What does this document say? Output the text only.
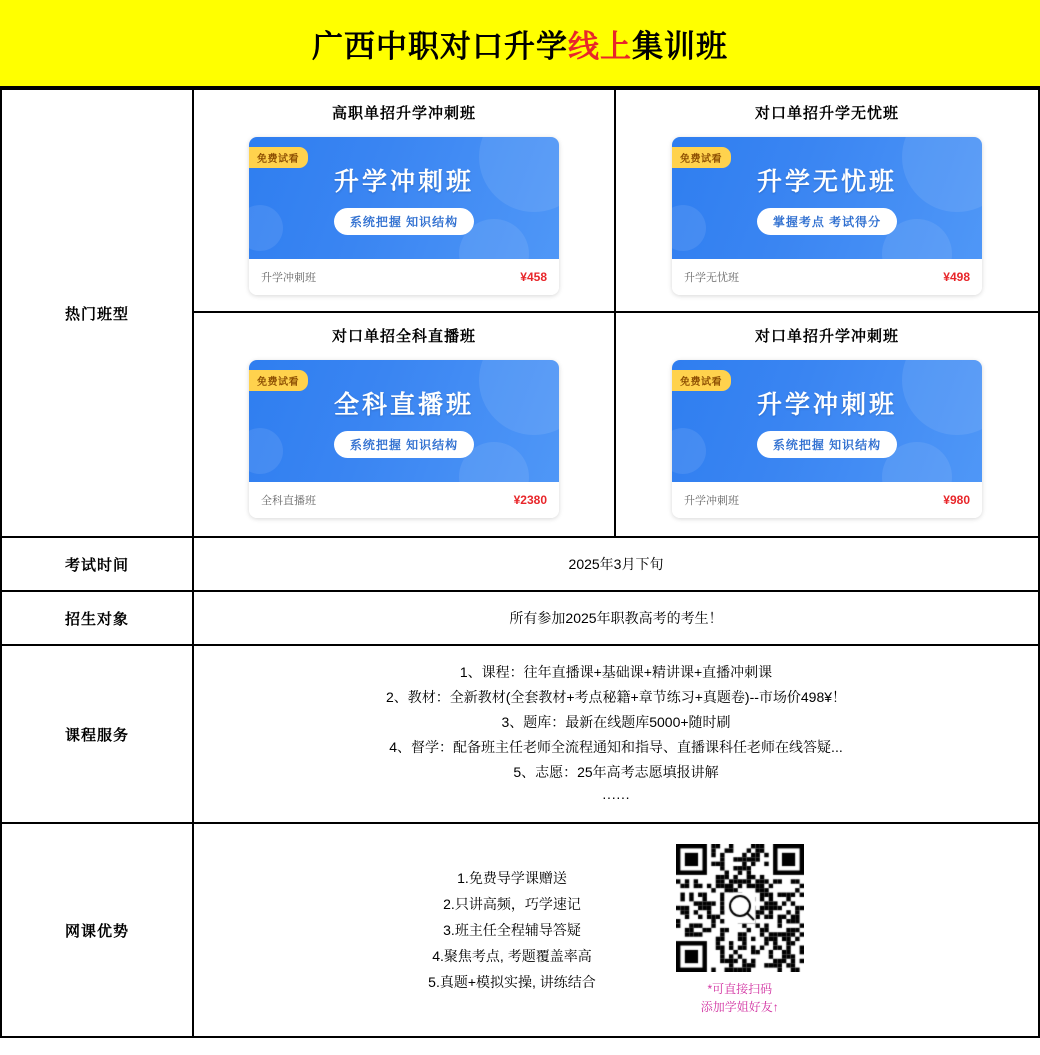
广西中职对口升学线上集训班
热门班型	
高职单招升学冲刺班
免费试看
升学冲刺班
系统把握 知识结构
升学冲刺班	¥458
对口单招升学无忧班
免费试看
升学无忧班
掌握考点 考试得分
升学无忧班	¥498
对口单招全科直播班
免费试看
全科直播班
系统把握 知识结构
全科直播班	¥2380
对口单招升学冲刺班
免费试看
升学冲刺班
系统把握 知识结构
升学冲刺班	¥980

考试时间	2025年3月下旬

招生对象	所有参加2025年职教高考的考生！

课程服务	
1、课程：往年直播课+基础课+精讲课+直播冲刺课
2、教材：全新教材(全套教材+考点秘籍+章节练习+真题卷)--市场价498¥！
3、题库：最新在线题库5000+随时刷
4、督学：配备班主任老师全流程通知和指导、直播课科任老师在线答疑...
5、志愿：25年高考志愿填报讲解
······

网课优势	
1.免费导学课赠送
2.只讲高频，巧学速记
3.班主任全程辅导答疑
4.聚焦考点, 考题覆盖率高
5.真题+模拟实操, 讲练结合	*可直接扫码
添加学姐好友↑
